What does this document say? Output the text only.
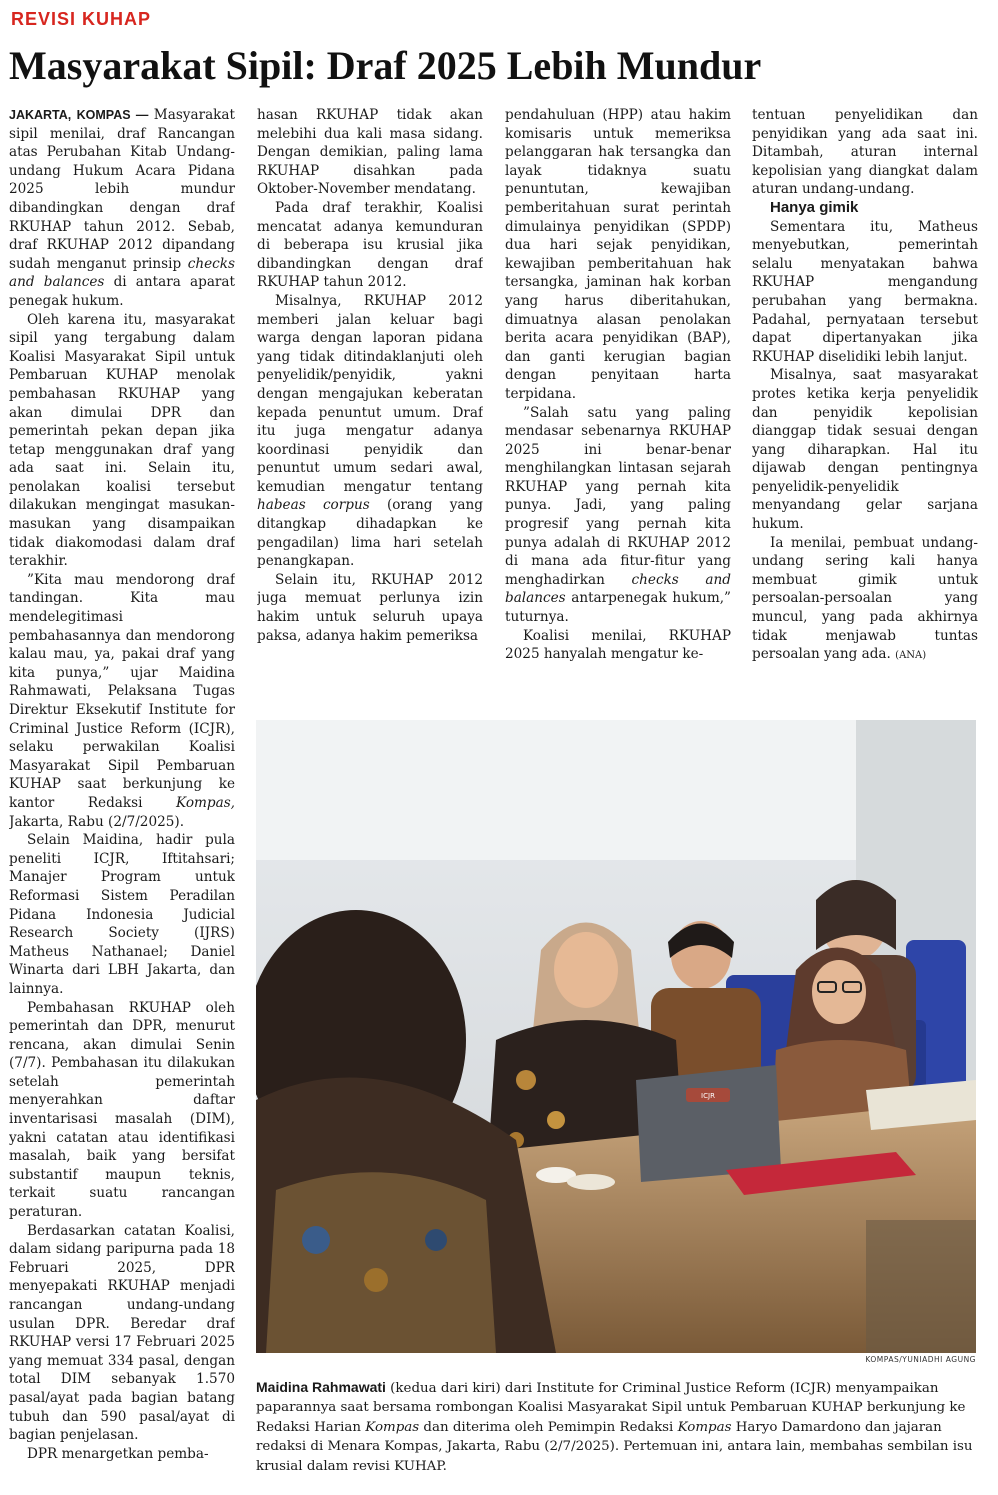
REVISI KUHAP
Masyarakat Sipil: Draf 2025 Lebih Mundur

JAKARTA, KOMPAS — Masyarakat sipil menilai, draf Rancangan atas Perubahan Kitab Undang-undang Hukum Acara Pidana 2025 lebih mundur dibandingkan dengan draf RKUHAP tahun 2012. Sebab, draf RKUHAP 2012 dipandang sudah menganut prinsip checks and balances di antara aparat penegak hukum.

Oleh karena itu, masyarakat sipil yang tergabung dalam Koalisi Masyarakat Sipil untuk Pembaruan KUHAP menolak pembahasan RKUHAP yang akan dimulai DPR dan pemerintah pekan depan jika tetap menggunakan draf yang ada saat ini. Selain itu, penolakan koalisi tersebut dilakukan mengingat masukan-masukan yang disampaikan tidak diakomodasi dalam draf terakhir.

”Kita mau mendorong draf tandingan. Kita mau mendelegitimasi pembahasannya dan mendorong kalau mau, ya, pakai draf yang kita punya,” ujar Maidina Rahmawati, Pelaksana Tugas Direktur Eksekutif Institute for Criminal Justice Reform (ICJR), selaku perwakilan Koalisi Masyarakat Sipil Pembaruan KUHAP saat berkunjung ke kantor Redaksi Kompas, Jakarta, Rabu (2/7/2025).

Selain Maidina, hadir pula peneliti ICJR, Iftitahsari; Manajer Program untuk Reformasi Sistem Peradilan Pidana Indonesia Judicial Research Society (IJRS) Matheus Nathanael; Daniel Winarta dari LBH Jakarta, dan lainnya.

Pembahasan RKUHAP oleh pemerintah dan DPR, menurut rencana, akan dimulai Senin (7/7). Pembahasan itu dilakukan setelah pemerintah menyerahkan daftar inventarisasi masalah (DIM), yakni catatan atau identifikasi masalah, baik yang bersifat substantif maupun teknis, terkait suatu rancangan peraturan.

Berdasarkan catatan Koalisi, dalam sidang paripurna pada 18 Februari 2025, DPR menyepakati RKUHAP menjadi rancangan undang-undang usulan DPR. Beredar draf RKUHAP versi 17 Februari 2025 yang memuat 334 pasal, dengan total DIM sebanyak 1.570 pasal/ayat pada bagian batang tubuh dan 590 pasal/ayat di bagian penjelasan.

DPR menargetkan pemba-

hasan RKUHAP tidak akan melebihi dua kali masa sidang. Dengan demikian, paling lama RKUHAP disahkan pada Oktober-November mendatang.

Pada draf terakhir, Koalisi mencatat adanya kemunduran di beberapa isu krusial jika dibandingkan dengan draf RKUHAP tahun 2012.

Misalnya, RKUHAP 2012 memberi jalan keluar bagi warga dengan laporan pidana yang tidak ditindaklanjuti oleh penyelidik/penyidik, yakni dengan mengajukan keberatan kepada penuntut umum. Draf itu juga mengatur adanya koordinasi penyidik dan penuntut umum sedari awal, kemudian mengatur tentang habeas corpus (orang yang ditangkap dihadapkan ke pengadilan) lima hari setelah penangkapan.

Selain itu, RKUHAP 2012 juga memuat perlunya izin hakim untuk seluruh upaya paksa, adanya hakim pemeriksa

pendahuluan (HPP) atau hakim komisaris untuk memeriksa pelanggaran hak tersangka dan layak tidaknya suatu penuntutan, kewajiban pemberitahuan surat perintah dimulainya penyidikan (SPDP) dua hari sejak penyidikan, kewajiban pemberitahuan hak tersangka, jaminan hak korban yang harus diberitahukan, dimuatnya alasan penolakan berita acara penyidikan (BAP), dan ganti kerugian bagian dengan penyitaan harta terpidana.

”Salah satu yang paling mendasar sebenarnya RKUHAP 2025 ini benar-benar menghilangkan lintasan sejarah RKUHAP yang pernah kita punya. Jadi, yang paling progresif yang pernah kita punya adalah di RKUHAP 2012 di mana ada fitur-fitur yang menghadirkan checks and balances antarpenegak hukum,” tuturnya.

Koalisi menilai, RKUHAP 2025 hanyalah mengatur ke-

tentuan penyelidikan dan penyidikan yang ada saat ini. Ditambah, aturan internal kepolisian yang diangkat dalam aturan undang-undang.

Hanya gimik

Sementara itu, Matheus menyebutkan, pemerintah selalu menyatakan bahwa RKUHAP mengandung perubahan yang bermakna. Padahal, pernyataan tersebut dapat dipertanyakan jika RKUHAP diselidiki lebih lanjut.

Misalnya, saat masyarakat protes ketika kerja penyelidik dan penyidik kepolisian dianggap tidak sesuai dengan yang diharapkan. Hal itu dijawab dengan pentingnya penyelidik-penyelidik menyandang gelar sarjana hukum.

Ia menilai, pembuat undang-undang sering kali hanya membuat gimik untuk persoalan-persoalan yang muncul, yang pada akhirnya tidak menjawab tuntas persoalan yang ada. (ANA)

ICJR
KOMPAS/YUNIADHI AGUNG
Maidina Rahmawati (kedua dari kiri) dari Institute for Criminal Justice Reform (ICJR) menyampaikan paparannya saat bersama rombongan Koalisi Masyarakat Sipil untuk Pembaruan KUHAP berkunjung ke Redaksi Harian Kompas dan diterima oleh Pemimpin Redaksi Kompas Haryo Damardono dan jajaran redaksi di Menara Kompas, Jakarta, Rabu (2/7/2025). Pertemuan ini, antara lain, membahas sembilan isu krusial dalam revisi KUHAP.
